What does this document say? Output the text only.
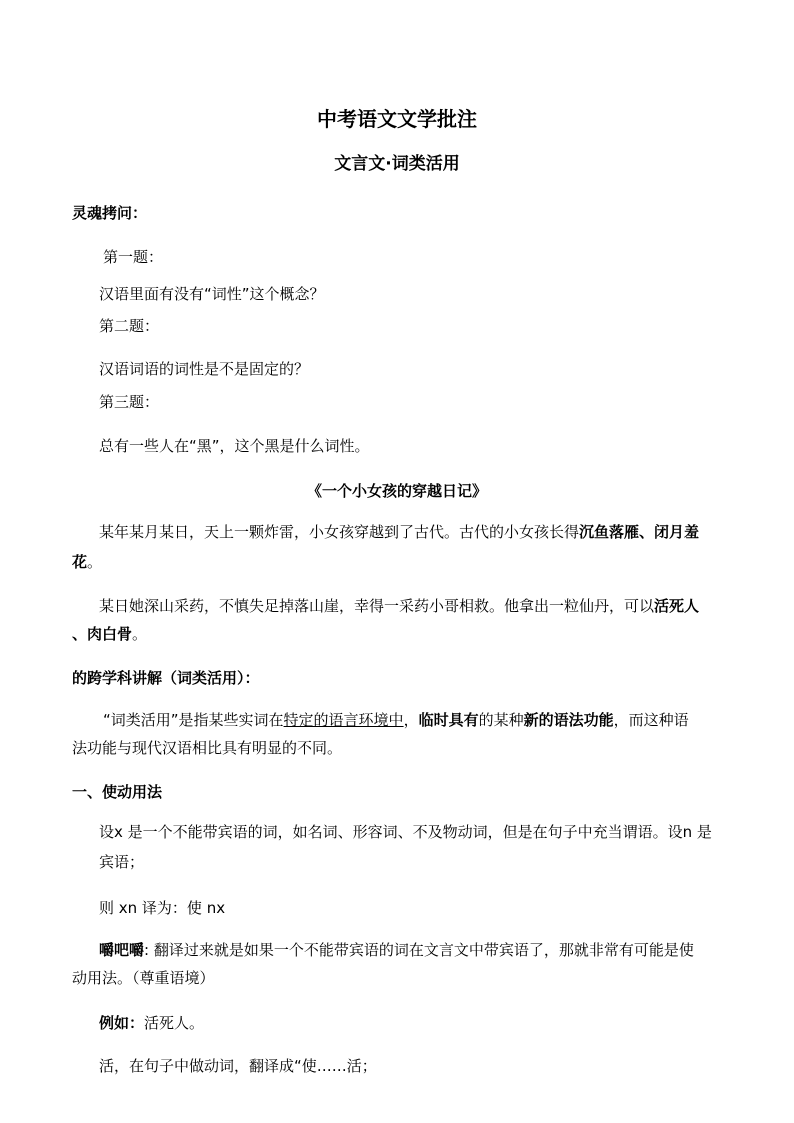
中考语文文学批注
文言文·词类活用
灵魂拷问：
第一题：
汉语里面有没有“词性”这个概念？
第二题：
汉语词语的词性是不是固定的？
第三题：
总有一些人在“黑”，这个黑是什么词性。
《一个小女孩的穿越日记》
某年某月某日，天上一颗炸雷，小女孩穿越到了古代。古代的小女孩长得沉鱼落雁、闭月羞
花。
某日她深山采药，不慎失足掉落山崖，幸得一采药小哥相救。他拿出一粒仙丹，可以活死人
、肉白骨。
的跨学科讲解（词类活用）：
“词类活用”是指某些实词在特定的语言环境中，临时具有的某种新的语法功能，而这种语
法功能与现代汉语相比具有明显的不同。
一、使动用法
设x 是一个不能带宾语的词，如名词、形容词、不及物动词，但是在句子中充当谓语。设n 是
宾语；
则 xn 译为：使 nx
嚼吧嚼: 翻译过来就是如果一个不能带宾语的词在文言文中带宾语了，那就非常有可能是使
动用法。（尊重语境）
例如：活死人。
活，在句子中做动词，翻译成“使……活；
